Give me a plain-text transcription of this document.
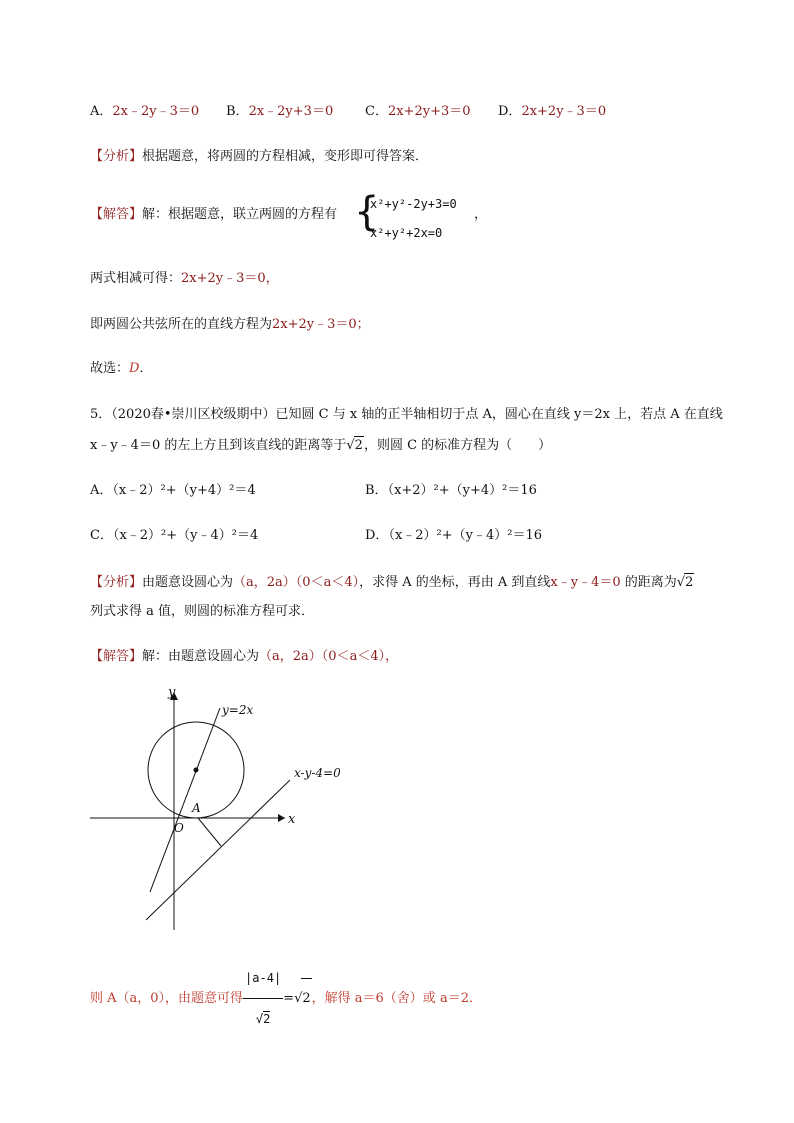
A．2x﹣2y﹣3＝0 B．2x﹣2y+3＝0 C．2x+2y+3＝0 D．2x+2y﹣3＝0
【分析】根据题意，将两圆的方程相减，变形即可得答案．
【解答】解：根据题意，联立两圆的方程有 {
x²+y²-2y+3=0
x²+y²+2x=0
，
两式相减可得：2x+2y﹣3＝0，
即两圆公共弦所在的直线方程为2x+2y﹣3＝0；
故选：D．
5．（2020春•崇川区校级期中）已知圆 C 与 x 轴的正半轴相切于点 A，圆心在直线 y＝2x 上，若点 A 在直线
x﹣y﹣4＝0 的左上方且到该直线的距离等于√2，则圆 C 的标准方程为（　　）
A．（x﹣2）²+（y+4）²＝4	B．（x+2）²+（y+4）²＝16
C．（x﹣2）²+（y﹣4）²＝4	D．（x﹣2）²+（y﹣4）²＝16
【分析】由题意设圆心为（a，2a）（0＜a＜4），求得 A 的坐标，再由 A 到直线x﹣y﹣4＝0 的距离为√2
列式求得 a 值，则圆的标准方程可求．
【解答】解：由题意设圆心为（a，2a）（0＜a＜4），
y
x
O
A
y=2x
x-y-4=0
则 A（a，0），由题意可得 $\frac{|a-4|}{√2} =√2$，解得 a＝6（舍）或 a＝2．
